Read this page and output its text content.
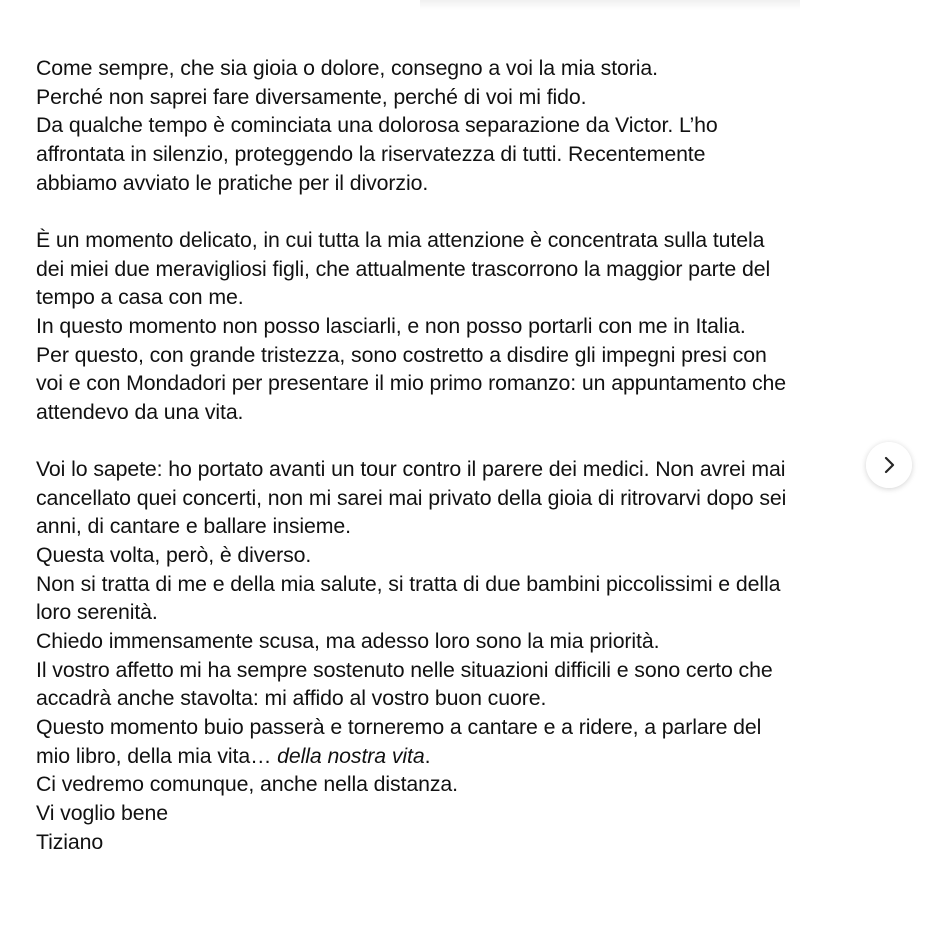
Come sempre, che sia gioia o dolore, consegno a voi la mia storia.

Perché non saprei fare diversamente, perché di voi mi fido.

Da qualche tempo è cominciata una dolorosa separazione da Victor. L’ho

affrontata in silenzio, proteggendo la riservatezza di tutti. Recentemente

abbiamo avviato le pratiche per il divorzio.

È un momento delicato, in cui tutta la mia attenzione è concentrata sulla tutela

dei miei due meravigliosi figli, che attualmente trascorrono la maggior parte del

tempo a casa con me.

In questo momento non posso lasciarli, e non posso portarli con me in Italia.

Per questo, con grande tristezza, sono costretto a disdire gli impegni presi con

voi e con Mondadori per presentare il mio primo romanzo: un appuntamento che

attendevo da una vita.

Voi lo sapete: ho portato avanti un tour contro il parere dei medici. Non avrei mai

cancellato quei concerti, non mi sarei mai privato della gioia di ritrovarvi dopo sei

anni, di cantare e ballare insieme.

Questa volta, però, è diverso.

Non si tratta di me e della mia salute, si tratta di due bambini piccolissimi e della

loro serenità.

Chiedo immensamente scusa, ma adesso loro sono la mia priorità.

Il vostro affetto mi ha sempre sostenuto nelle situazioni difficili e sono certo che

accadrà anche stavolta: mi affido al vostro buon cuore.

Questo momento buio passerà e torneremo a cantare e a ridere, a parlare del

mio libro, della mia vita… della nostra vita.

Ci vedremo comunque, anche nella distanza.

Vi voglio bene

Tiziano
